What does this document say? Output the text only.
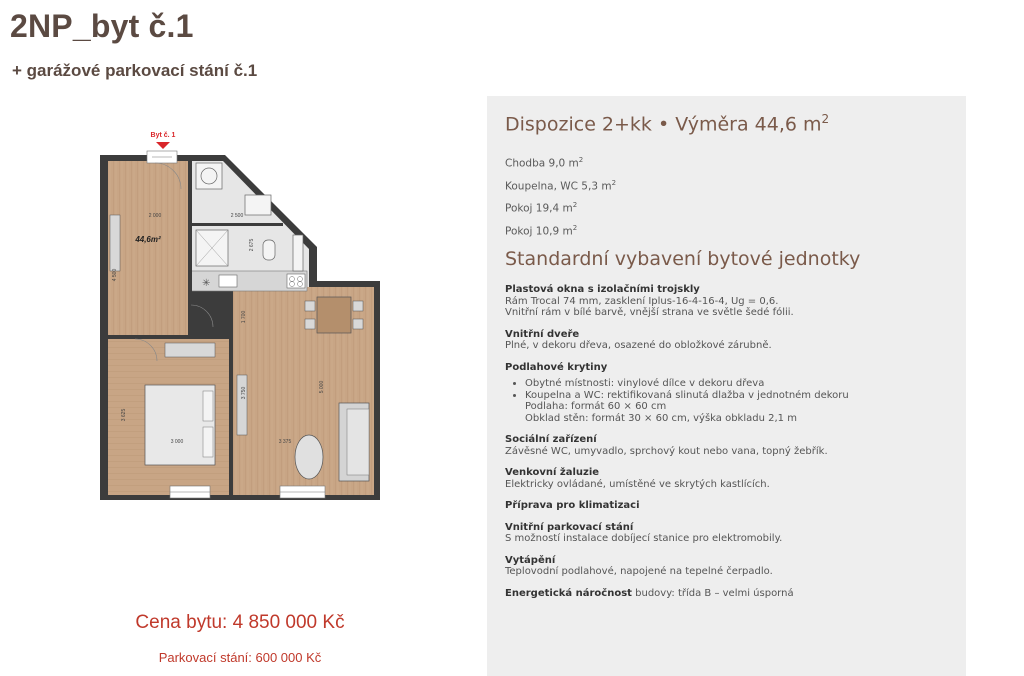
2NP_byt č.1

+ garážové parkovací stání č.1

Byt č. 1
✳
44,6m²
2 000	2 500
2 675
1 700
4 500
3 625
3 750	5 000
3 000	3 375
Cena bytu: 4 850 000 Kč
Parkovací stání: 600 000 Kč
Dispozice 2+kk • Výměra 44,6 $m^2$
Chodba 9,0 $m^2$
Koupelna, WC 5,3 $m^2$
Pokoj 19,4 $m^2$
Pokoj 10,9 $m^2$
Standardní vybavení bytové jednotky
Plastová okna s izolačními trojskly
Rám Trocal 74 mm, zasklení Iplus-16-4-16-4, Ug = 0,6.
Vnitřní rám v bílé barvě, vnější strana ve světle šedé fólii.
Vnitřní dveře
Plné, v dekoru dřeva, osazené do obložkové zárubně.
Podlahové krytiny
• Obytné místnosti: vinylové dílce v dekoru dřeva
• Koupelna a WC: rektifikovaná slinutá dlažba v jednotném dekoru
Podlaha: formát 60 × 60 cm
Obklad stěn: formát 30 × 60 cm, výška obkladu 2,1 m
Sociální zařízení
Závěsné WC, umyvadlo, sprchový kout nebo vana, topný žebřík.
Venkovní žaluzie
Elektricky ovládané, umístěné ve skrytých kastlících.
Příprava pro klimatizaci
Vnitřní parkovací stání
S možností instalace dobíjecí stanice pro elektromobily.
Vytápění
Teplovodní podlahové, napojené na tepelné čerpadlo.
Energetická náročnost budovy: třída B – velmi úsporná
